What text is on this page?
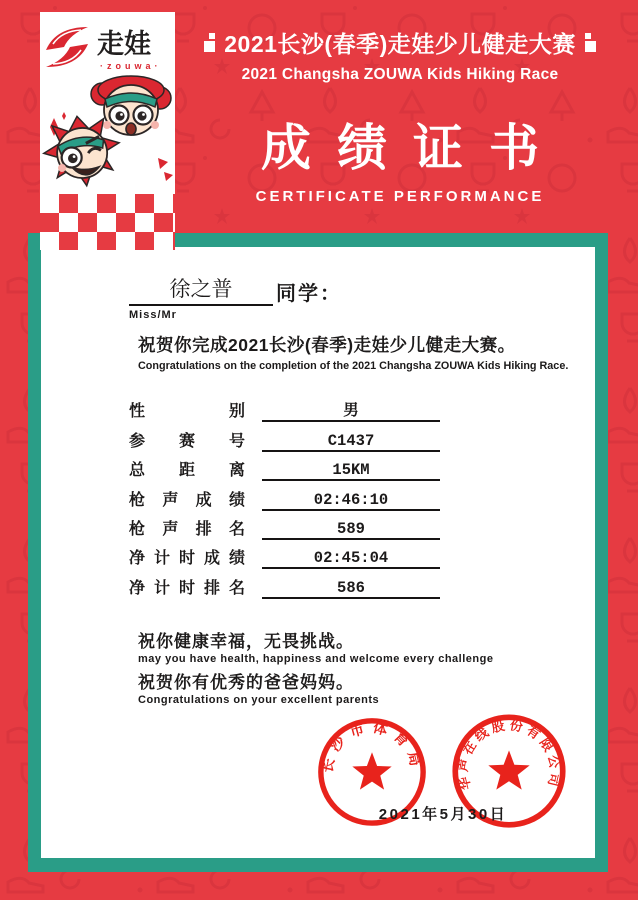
2021长沙(春季)走娃少儿健走大赛
2021 Changsha ZOUWA Kids Hiking Race
成绩证书
CERTIFICATE PERFORMANCE
徐之普	同学：
Miss/Mr
祝贺你完成2021长沙(春季)走娃少儿健走大赛。
Congratulations on the completion of the 2021 Changsha ZOUWA Kids Hiking Race.
性别	男
参赛号	C1437
总距离	15KM
枪声成绩	02:46:10
枪声排名	589
净计时成绩	02:45:04
净计时排名	586
祝你健康幸福，无畏挑战。
may you have health, happiness and welcome every challenge
祝贺你有优秀的爸爸妈妈。
Congratulations on your excellent parents
长沙市体育局
华声在线股份有限公司
2021年5月30日
走娃
·zouwa·
